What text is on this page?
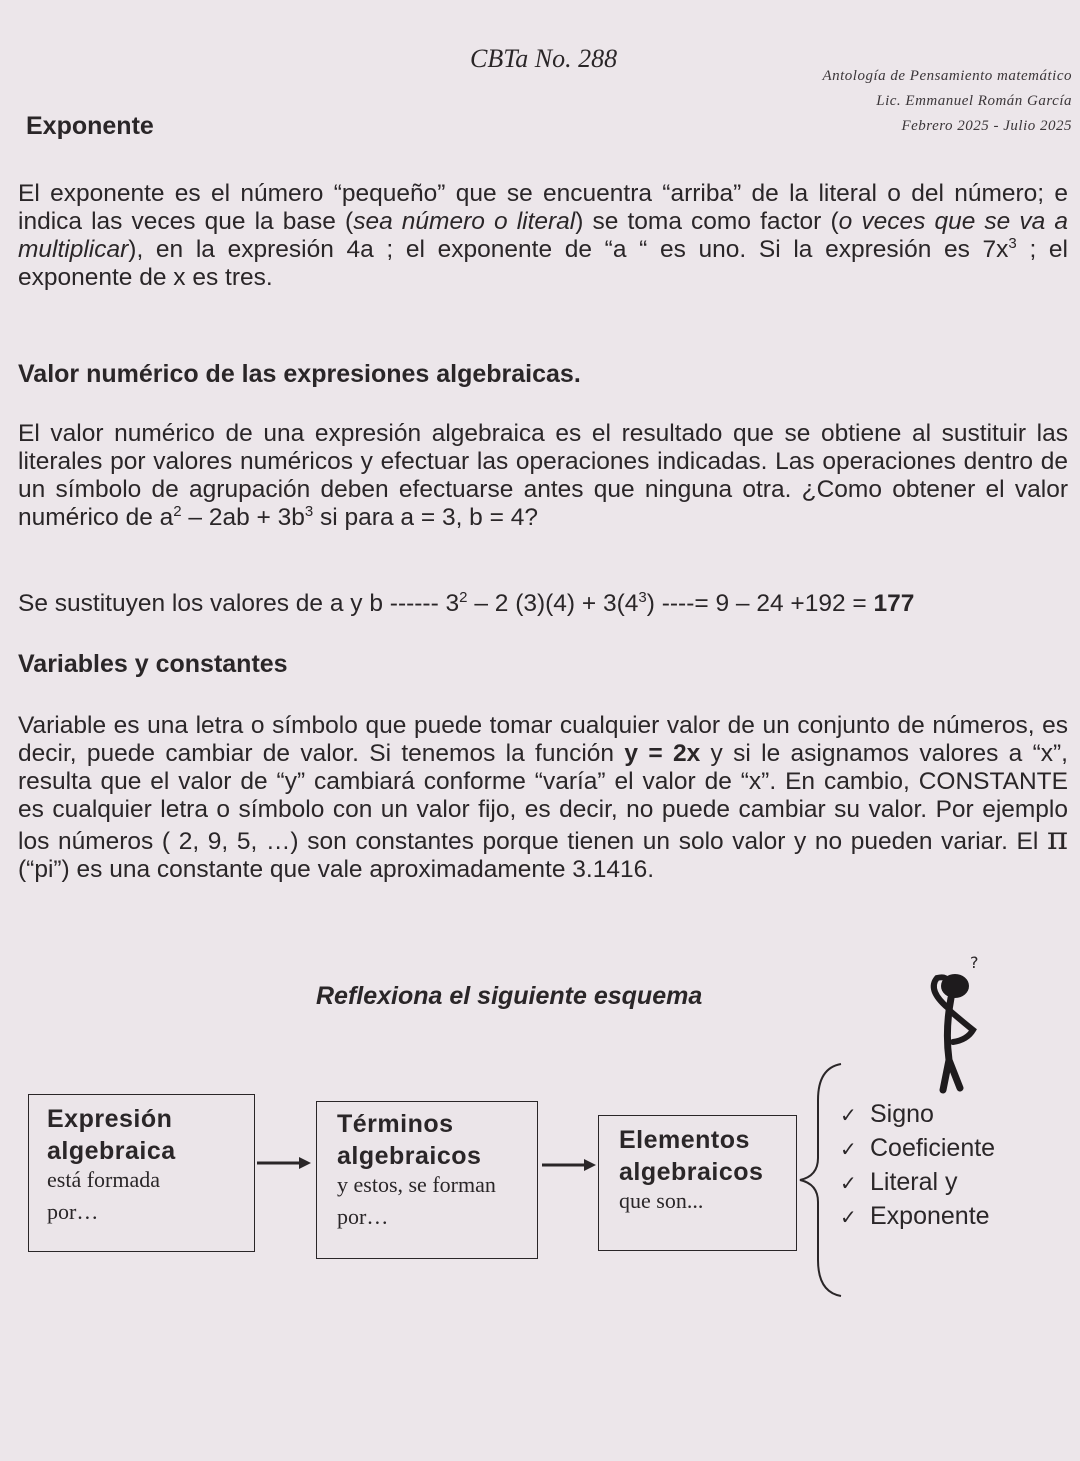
CBTa No. 288
Antología de Pensamiento matemático
Lic. Emmanuel Román García
Febrero 2025 - Julio 2025
Exponente
El exponente es el número “pequeño” que se encuentra “arriba” de la literal o del número; e indica las veces que la base (sea número o literal) se toma como factor (o veces que se va a multiplicar), en la expresión 4a ; el exponente de “a “ es uno. Si la expresión es $7x^3$ ; el exponente de x es tres.
Valor numérico de las expresiones algebraicas.
El valor numérico de una expresión algebraica es el resultado que se obtiene al sustituir las literales por valores numéricos y efectuar las operaciones indicadas. Las operaciones dentro de un símbolo de agrupación deben efectuarse antes que ninguna otra. ¿Como obtener el valor numérico de $a^2 - 2ab + 3b^3$ si para a = 3, b = 4?
Se sustituyen los valores de a y b ------ $3^2 - 2$ $(3)(4) + 3(4^3)$ ----= 9 – 24 +192 = 177
Variables y constantes
Variable es una letra o símbolo que puede tomar cualquier valor de un conjunto de números, es decir, puede cambiar de valor. Si tenemos la función y = 2x y si le asignamos valores a “x”, resulta que el valor de “y” cambiará conforme “varía” el valor de “x”. En cambio, CONSTANTE es cualquier letra o símbolo con un valor fijo, es decir, no puede cambiar su valor. Por ejemplo los números ( 2, 9, 5, …) son constantes porque tienen un solo valor y no pueden variar. El π (“pi”) es una constante que vale aproximadamente 3.1416.
Reflexiona el siguiente esquema
?
Expresión
algebraica
está formada
por…
Términos
algebraicos
y estos, se forman
por…
Elementos
algebraicos
que son...
✓ Signo
✓ Coeficiente
✓ Literal y
✓ Exponente
